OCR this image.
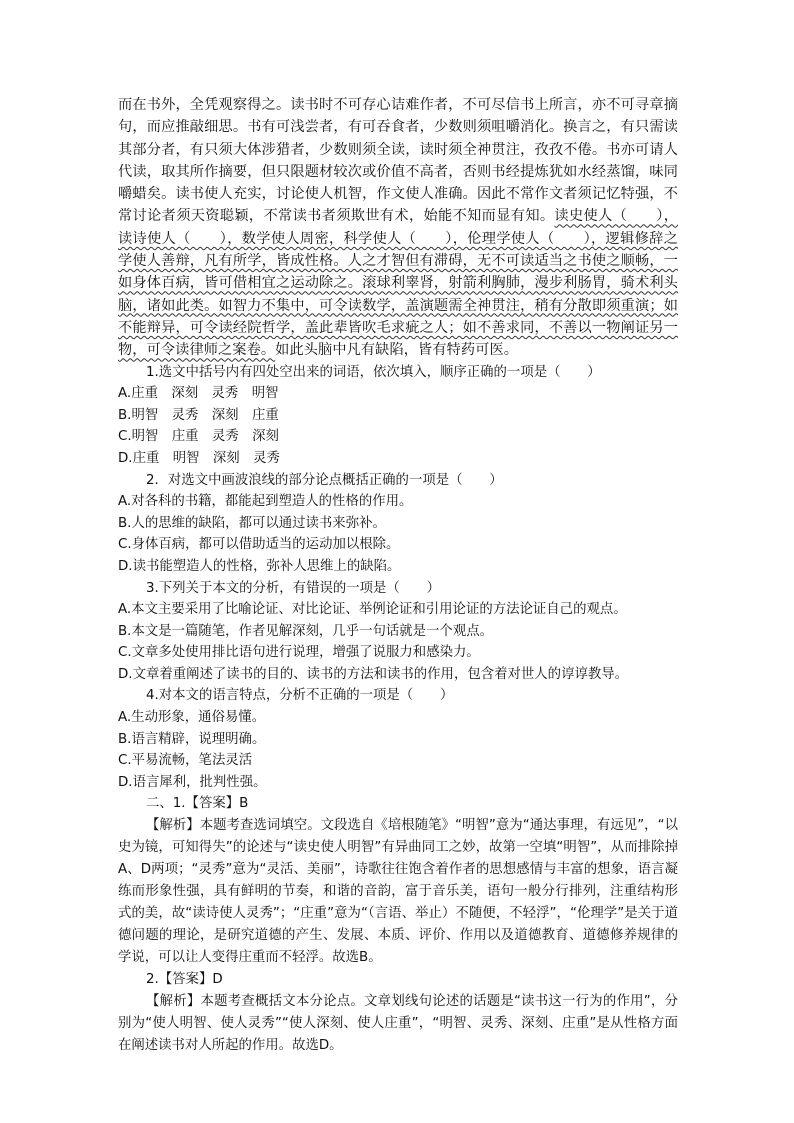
而在书外，全凭观察得之。读书时不可存心诘难作者，不可尽信书上所言，亦不可寻章摘句，而应推敲细思。书有可浅尝者，有可吞食者，少数则须咀嚼消化。换言之，有只需读其部分者，有只须大体涉猎者，少数则须全读，读时须全神贯注，孜孜不倦。书亦可请人代读，取其所作摘要，但只限题材较次或价值不高者，否则书经提炼犹如水经蒸馏，味同嚼蜡矣。读书使人充实，讨论使人机智，作文使人准确。因此不常作文者须记忆特强，不常讨论者须天资聪颖，不常读书者须欺世有术，始能不知而显有知。读史使人（　　），读诗使人（　　），数学使人周密，科学使人（　　），伦理学使人（　　），逻辑修辞之学使人善辩，凡有所学，皆成性格。人之才智但有滞碍，无不可读适当之书使之顺畅，一如身体百病，皆可借相宜之运动除之。滚球利睾肾，射箭利胸肺，漫步利肠胃，骑术利头脑，诸如此类。如智力不集中，可令读数学，盖演题需全神贯注，稍有分散即须重演；如不能辩异，可令读经院哲学，盖此辈皆吹毛求疵之人；如不善求同，不善以一物阐证另一物，可令读律师之案卷。如此头脑中凡有缺陷，皆有特药可医。

1.选文中括号内有四处空出来的词语，依次填入，顺序正确的一项是（　　）

A.庄重　深刻　灵秀　明智

B.明智　灵秀　深刻　庄重

C.明智　庄重　灵秀　深刻

D.庄重　明智　深刻　灵秀

2．对选文中画波浪线的部分论点概括正确的一项是（　　）

A.对各科的书籍，都能起到塑造人的性格的作用。

B.人的思维的缺陷，都可以通过读书来弥补。

C.身体百病，都可以借助适当的运动加以根除。

D.读书能塑造人的性格，弥补人思维上的缺陷。

3.下列关于本文的分析，有错误的一项是（　　）

A.本文主要采用了比喻论证、对比论证、举例论证和引用论证的方法论证自己的观点。

B.本文是一篇随笔，作者见解深刻，几乎一句话就是一个观点。

C.文章多处使用排比语句进行说理，增强了说服力和感染力。

D.文章着重阐述了读书的目的、读书的方法和读书的作用，包含着对世人的谆谆教导。

4.对本文的语言特点，分析不正确的一项是（　　）

A.生动形象，通俗易懂。

B.语言精辟，说理明确。

C.平易流畅，笔法灵活

D.语言犀利，批判性强。

二、1.【答案】B

【解析】本题考查选词填空。文段选自《培根随笔》“明智”意为“通达事理，有远见”，“以史为镜，可知得失”的论述与“读史使人明智”有异曲同工之妙，故第一空填“明智”，从而排除掉A、D两项；“灵秀”意为“灵活、美丽”，诗歌往往饱含着作者的思想感情与丰富的想象，语言凝练而形象性强，具有鲜明的节奏，和谐的音韵，富于音乐美，语句一般分行排列，注重结构形式的美，故“读诗使人灵秀”；“庄重”意为“（言语、举止）不随便，不轻浮”，“伦理学”是关于道德问题的理论，是研究道德的产生、发展、本质、评价、作用以及道德教育、道德修养规律的学说，可以让人变得庄重而不轻浮。故选B。

2.【答案】D

【解析】本题考查概括文本分论点。文章划线句论述的话题是“读书这一行为的作用”，分别为“使人明智、使人灵秀”“使人深刻、使人庄重”，“明智、灵秀、深刻、庄重”是从性格方面在阐述读书对人所起的作用。故选D。
